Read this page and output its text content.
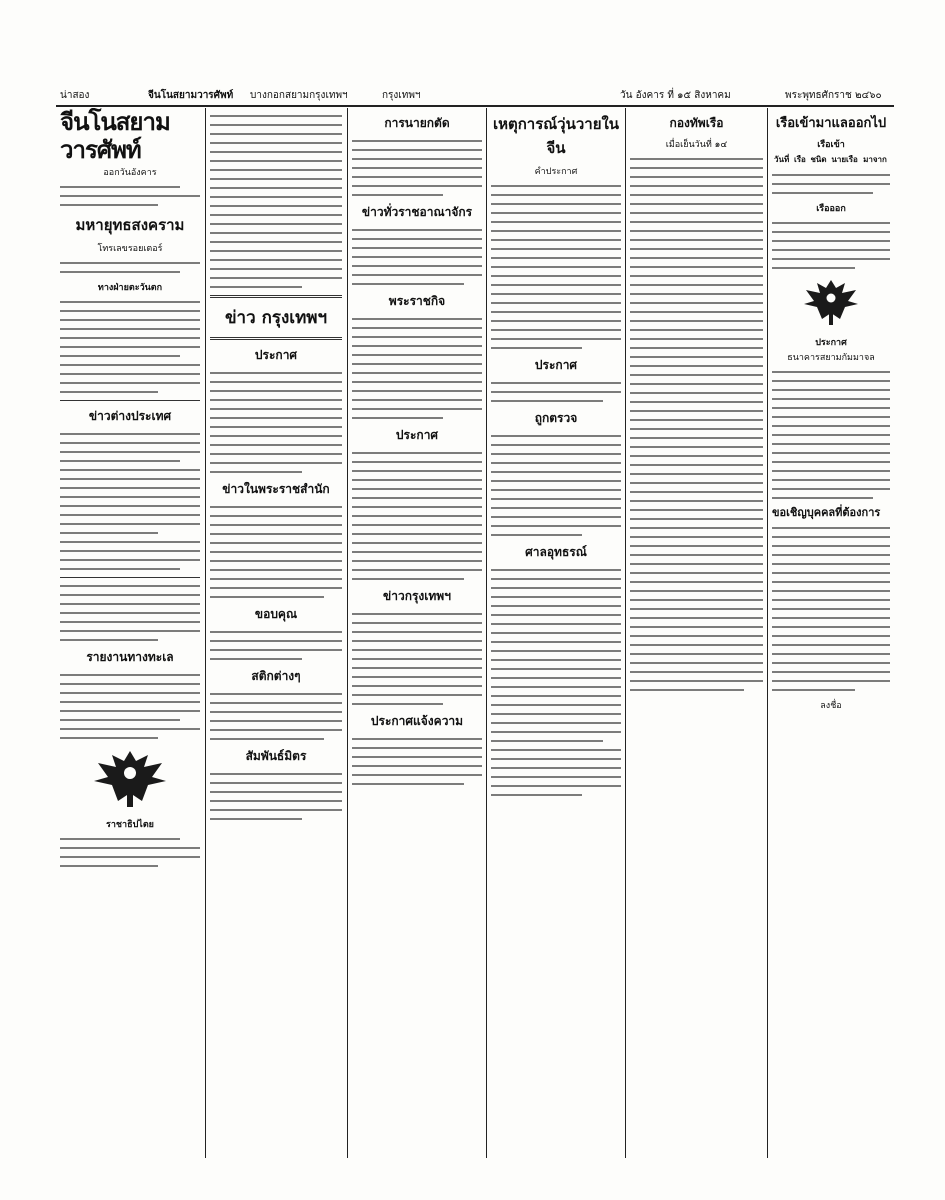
น่าสอง	จีนโนสยามวารศัพท์ บางกอกสยามกรุงเทพฯ	กรุงเทพฯ	วัน อังคาร ที่ ๑๕ สิงหาคม	พระพุทธศักราช ๒๔๖๐
จีนโนสยามวารศัพท์
ออกวันอังคาร
มหายุทธสงคราม
โทรเลขรอยเตอร์
ทางฝ่ายตะวันตก
ข่าวต่างประเทศ
รายงานทางทะเล
ราชาธิปไตย
ข่าว กรุงเทพฯ
ประกาศ
ข่าวในพระราชสำนัก
ขอบคุณ
สติกต่างๆ
สัมพันธ์มิตร
การนายกตัด
ข่าวทั่วราชอาณาจักร
พระราชกิจ
ประกาศ
ข่าวกรุงเทพฯ
ประกาศแจ้งความ
เหตุการณ์วุ่นวายในจีน
คำประกาศ
ประกาศ
ถูกตรวจ
ศาลอุทธรณ์
กองทัพเรือ
เมื่อเย็นวันที่ ๑๔
เรือเข้ามาแลออกไป
เรือเข้า
วันที่	เรือ	ชนิด	นายเรือ	มาจาก
เรือออก
ประกาศ
ธนาคารสยามกัมมาจล
ขอเชิญบุคคลที่ต้องการ
ลงชื่อ
